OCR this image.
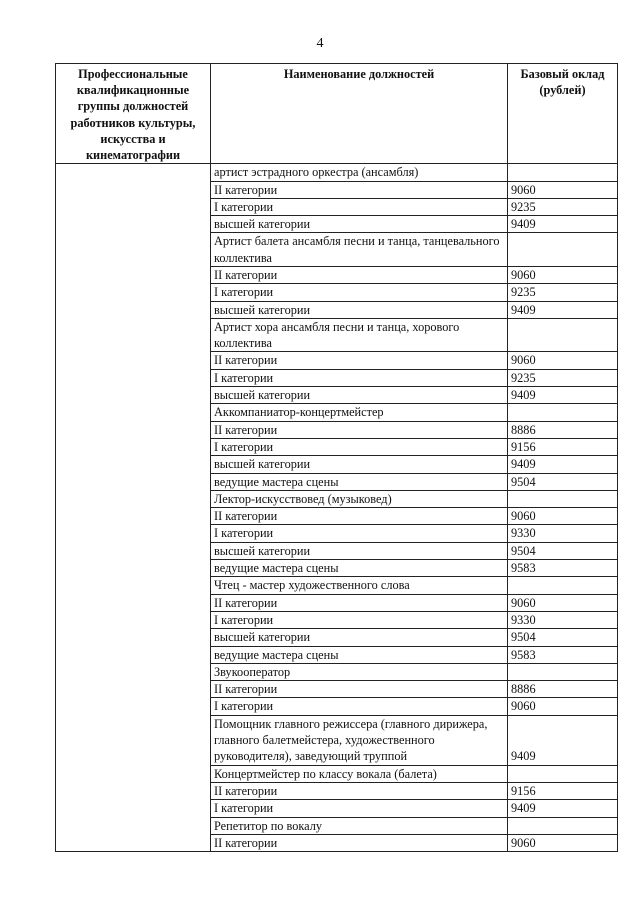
4
Профессиональные квалификационные группы должностей работников культуры, искусства и кинематографии	Наименование должностей	Базовый оклад (рублей)
	артист эстрадного оркестра (ансамбля)	
	II категории	9060
	I категории	9235
	высшей категории	9409
	Артист балета ансамбля песни и танца, танцевального коллектива	
	II категории	9060
	I категории	9235
	высшей категории	9409
	Артист хора ансамбля песни и танца, хорового коллектива	
	II категории	9060
	I категории	9235
	высшей категории	9409
	Аккомпаниатор-концертмейстер	
	II категории	8886
	I категории	9156
	высшей категории	9409
	ведущие мастера сцены	9504
	Лектор-искусствовед (музыковед)	
	II категории	9060
	I категории	9330
	высшей категории	9504
	ведущие мастера сцены	9583
	Чтец - мастер художественного слова	
	II категории	9060
	I категории	9330
	высшей категории	9504
	ведущие мастера сцены	9583
	Звукооператор	
	II категории	8886
	I категории	9060
	Помощник главного режиссера (главного дирижера, главного балетмейстера, художественного руководителя), заведующий труппой	9409
	Концертмейстер по классу вокала (балета)	
	II категории	9156
	I категории	9409
	Репетитор по вокалу	
	II категории	9060
